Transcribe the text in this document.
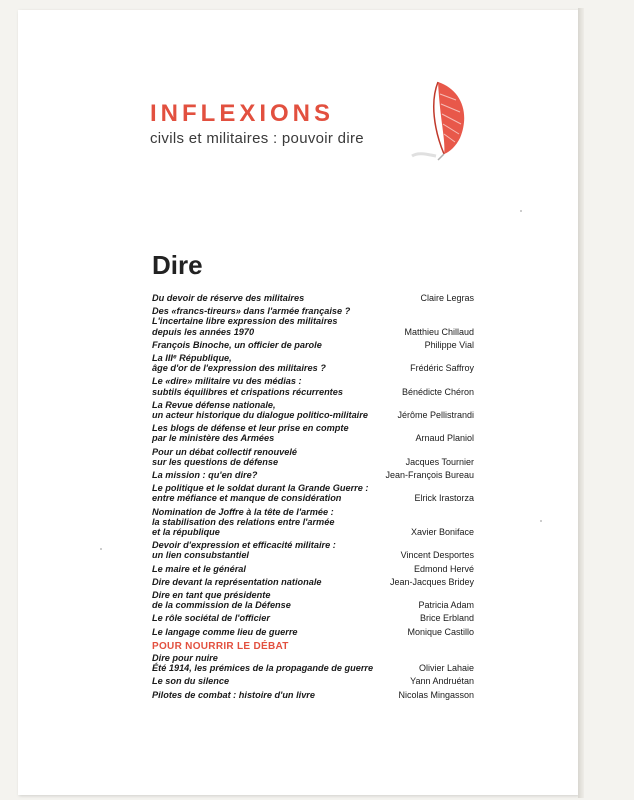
INFLEXIONS
civils et militaires : pouvoir dire
Dire
Du devoir de réserve des militaires	Claire Legras
Des «francs-tireurs» dans l'armée française ?
L'incertaine libre expression des militaires
depuis les années 1970	Matthieu Chillaud
François Binoche, un officier de parole	Philippe Vial
La IIIᵉ République,
âge d'or de l'expression des militaires ?	Frédéric Saffroy
Le «dire» militaire vu des médias :
subtils équilibres et crispations récurrentes	Bénédicte Chéron
La Revue défense nationale,
un acteur historique du dialogue politico-militaire	Jérôme Pellistrandi
Les blogs de défense et leur prise en compte
par le ministère des Armées	Arnaud Planiol
Pour un débat collectif renouvelé
sur les questions de défense	Jacques Tournier
La mission : qu'en dire?	Jean-François Bureau
Le politique et le soldat durant la Grande Guerre :
entre méfiance et manque de considération	Elrick Irastorza
Nomination de Joffre à la tête de l'armée :
la stabilisation des relations entre l'armée
et la république	Xavier Boniface
Devoir d'expression et efficacité militaire :
un lien consubstantiel	Vincent Desportes
Le maire et le général	Edmond Hervé
Dire devant la représentation nationale	Jean-Jacques Bridey
Dire en tant que présidente
de la commission de la Défense	Patricia Adam
Le rôle sociétal de l'officier	Brice Erbland
Le langage comme lieu de guerre	Monique Castillo
POUR NOURRIR LE DÉBAT
Dire pour nuire
Été 1914, les prémices de la propagande de guerre	Olivier Lahaie
Le son du silence	Yann Andruétan
Pilotes de combat : histoire d'un livre	Nicolas Mingasson
